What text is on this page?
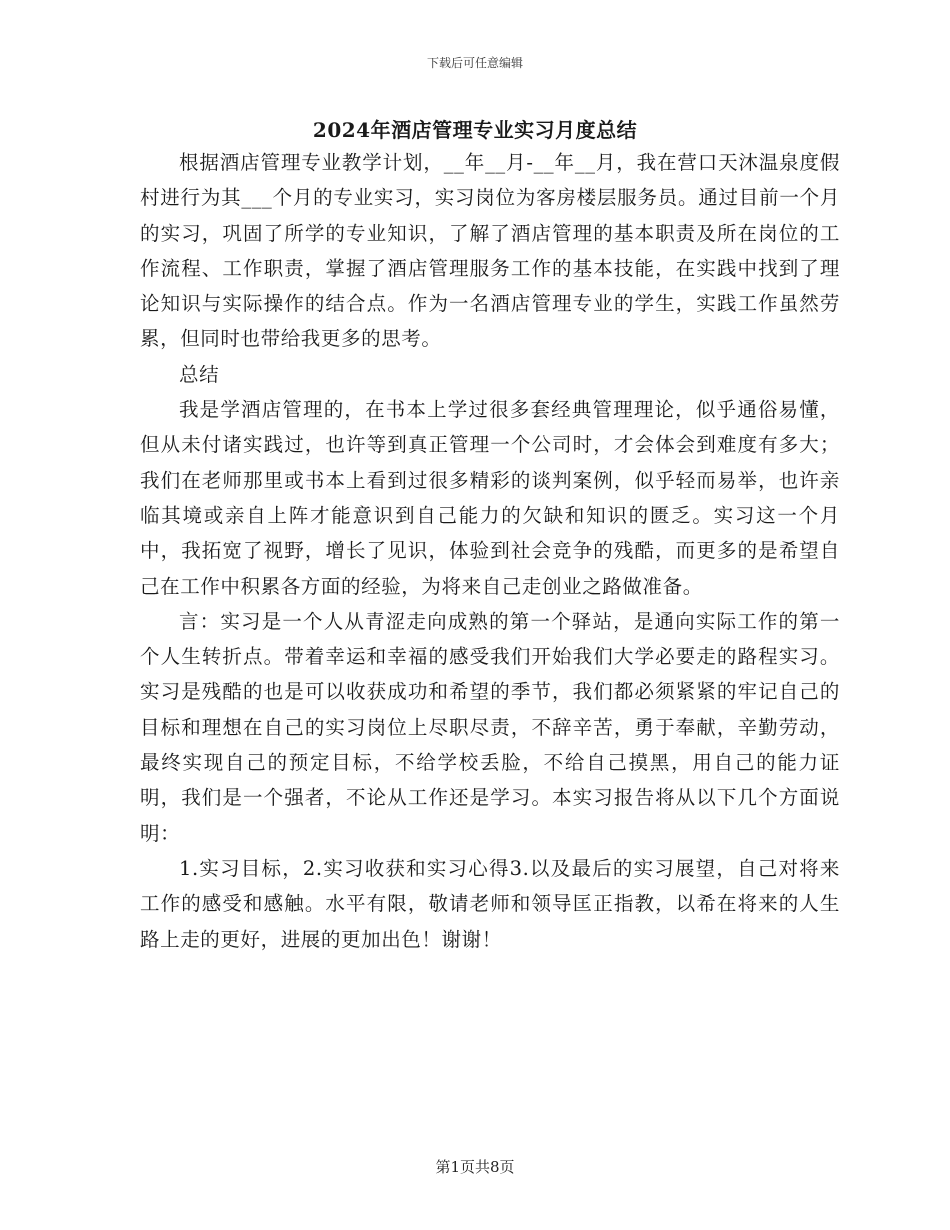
下载后可任意编辑
2024年酒店管理专业实习月度总结

根据酒店管理专业教学计划，__年__月-__年__月，我在营口天沐温泉度假村进行为其___个月的专业实习，实习岗位为客房楼层服务员。通过目前一个月的实习，巩固了所学的专业知识，了解了酒店管理的基本职责及所在岗位的工作流程、工作职责，掌握了酒店管理服务工作的基本技能，在实践中找到了理论知识与实际操作的结合点。作为一名酒店管理专业的学生，实践工作虽然劳累，但同时也带给我更多的思考。

总结

我是学酒店管理的，在书本上学过很多套经典管理理论，似乎通俗易懂，但从未付诸实践过，也许等到真正管理一个公司时，才会体会到难度有多大；我们在老师那里或书本上看到过很多精彩的谈判案例，似乎轻而易举，也许亲临其境或亲自上阵才能意识到自己能力的欠缺和知识的匮乏。实习这一个月中，我拓宽了视野，增长了见识，体验到社会竞争的残酷，而更多的是希望自己在工作中积累各方面的经验，为将来自己走创业之路做准备。

言：实习是一个人从青涩走向成熟的第一个驿站，是通向实际工作的第一个人生转折点。带着幸运和幸福的感受我们开始我们大学必要走的路程实习。实习是残酷的也是可以收获成功和希望的季节，我们都必须紧紧的牢记自己的目标和理想在自己的实习岗位上尽职尽责，不辞辛苦，勇于奉献，辛勤劳动，最终实现自己的预定目标，不给学校丢脸，不给自己摸黑，用自己的能力证明，我们是一个强者，不论从工作还是学习。本实习报告将从以下几个方面说明：

1.实习目标，2.实习收获和实习心得3.以及最后的实习展望，自己对将来工作的感受和感触。水平有限，敬请老师和领导匡正指教，以希在将来的人生路上走的更好，进展的更加出色！谢谢！

第1页共8页
